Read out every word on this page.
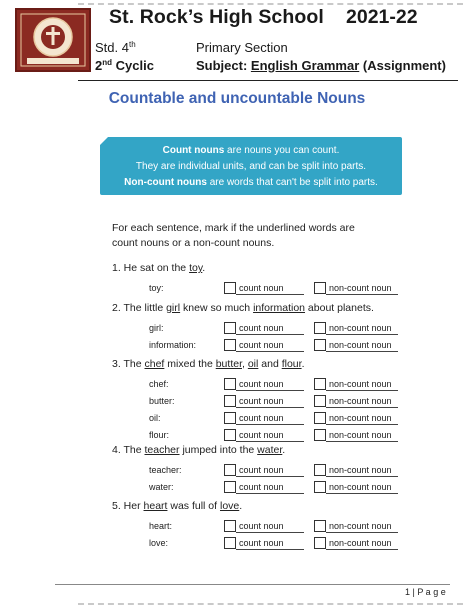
St. Rock’s High School 2021-22
Std. 4th	Primary Section
2nd Cyclic	Subject: English Grammar (Assignment)
Countable and uncountable Nouns
Count nouns are nouns you can count.
They are individual units, and can be split into parts.
Non-count nouns are words that can't be split into parts.
For each sentence, mark if the underlined words are
count nouns or a non-count nouns.
1. He sat on the toy.
toy:	count noun	non-count noun
2. The little girl knew so much information about planets.
girl:	count noun	non-count noun
information:	count noun	non-count noun
3. The chef mixed the butter, oil and flour.
chef:	count noun	non-count noun
butter:	count noun	non-count noun
oil:	count noun	non-count noun
flour:	count noun	non-count noun
4. The teacher jumped into the water.
teacher:	count noun	non-count noun
water:	count noun	non-count noun
5. Her heart was full of love.
heart:	count noun	non-count noun
love:	count noun	non-count noun
1 | P a g e
